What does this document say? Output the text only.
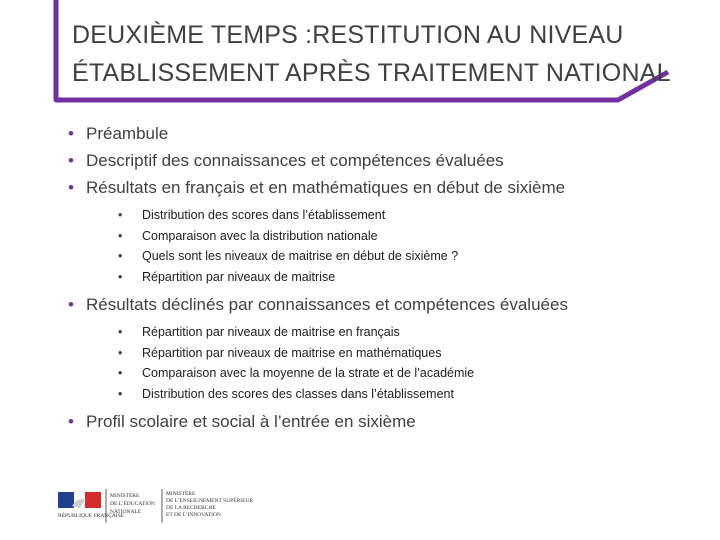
DEUXIÈME TEMPS :RESTITUTION AU NIVEAU ÉTABLISSEMENT APRÈS TRAITEMENT NATIONAL
• Préambule
• Descriptif des connaissances et compétences évaluées
• Résultats en français et en mathématiques en début de sixième
• Distribution des scores dans l’établissement
• Comparaison avec la distribution nationale
• Quels sont les niveaux de maitrise en début de sixième ?
• Répartition par niveaux de maitrise
• Résultats déclinés par connaissances et compétences évaluées
• Répartition par niveaux de maitrise en français
• Répartition par niveaux de maitrise en mathématiques
• Comparaison avec la moyenne de la strate et de l’académie
• Distribution des scores des classes dans l’établissement
• Profil scolaire et social à l’entrée en sixième
RÉPUBLIQUE FRANÇAISE
MINISTÈRE
DE L’ÉDUCATION
NATIONALE
MINISTÈRE
DE L’ENSEIGNEMENT SUPÉRIEUR
DE LA RECHERCHE
ET DE L’INNOVATION
